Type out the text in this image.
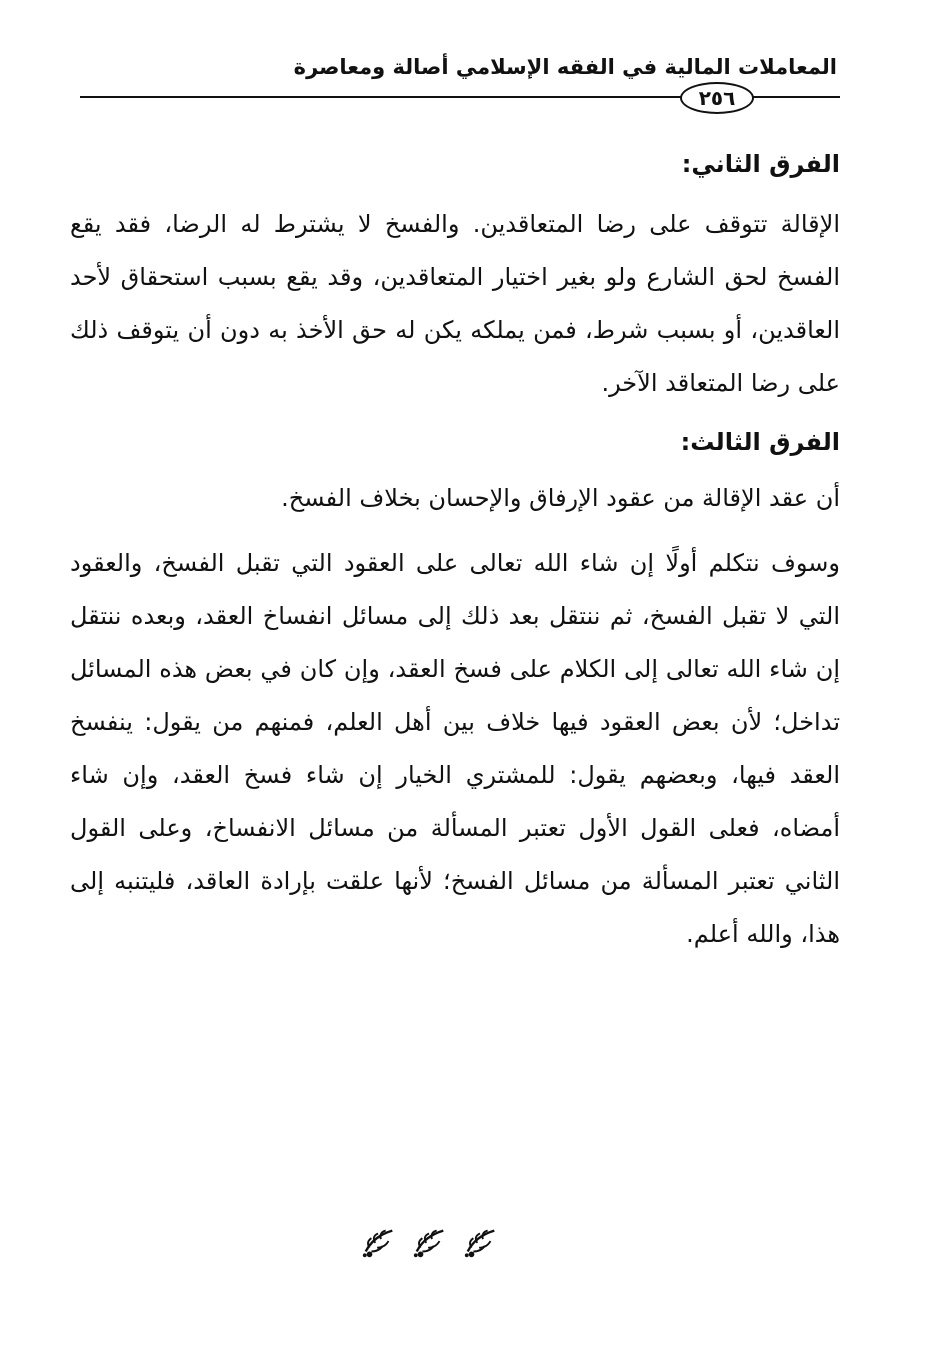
المعاملات المالية في الفقه الإسلامي أصالة ومعاصرة
٢٥٦

الفرق الثاني:

الإقالة تتوقف على رضا المتعاقدين. والفسخ لا يشترط له الرضا، فقد يقع الفسخ لحق الشارع ولو بغير اختيار المتعاقدين، وقد يقع بسبب استحقاق لأحد العاقدين، أو بسبب شرط، فمن يملكه يكن له حق الأخذ به دون أن يتوقف ذلك على رضا المتعاقد الآخر.

الفرق الثالث:

أن عقد الإقالة من عقود الإرفاق والإحسان بخلاف الفسخ.

وسوف نتكلم أولًا إن شاء الله تعالى على العقود التي تقبل الفسخ، والعقود التي لا تقبل الفسخ، ثم ننتقل بعد ذلك إلى مسائل انفساخ العقد، وبعده ننتقل إن شاء الله تعالى إلى الكلام على فسخ العقد، وإن كان في بعض هذه المسائل تداخل؛ لأن بعض العقود فيها خلاف بين أهل العلم، فمنهم من يقول: ينفسخ العقد فيها، وبعضهم يقول: للمشتري الخيار إن شاء فسخ العقد، وإن شاء أمضاه، فعلى القول الأول تعتبر المسألة من مسائل الانفساخ، وعلى القول الثاني تعتبر المسألة من مسائل الفسخ؛ لأنها علقت بإرادة العاقد، فليتنبه إلى هذا، والله أعلم.
